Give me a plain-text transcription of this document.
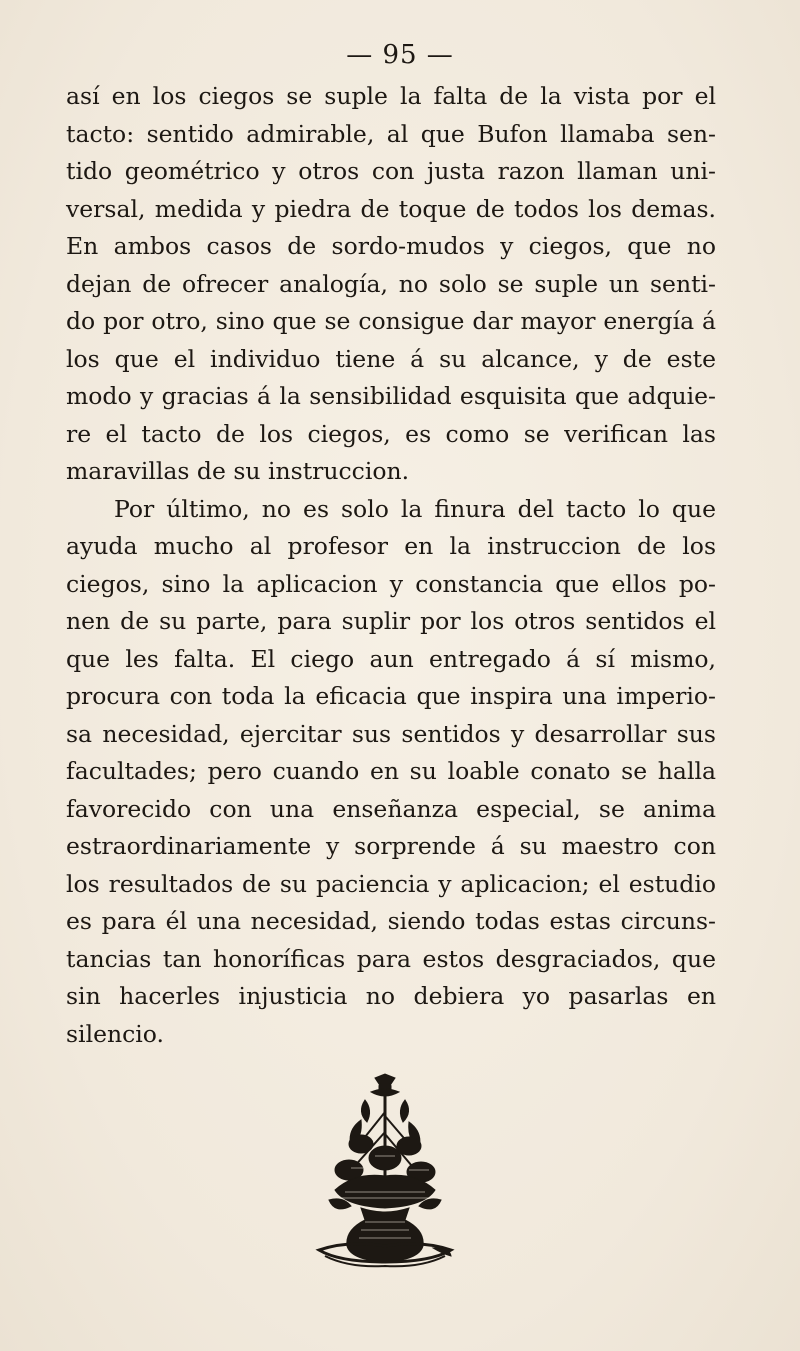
— 95 —
así en los ciegos se suple la falta de la vista por el
tacto: sentido admirable, al que Bufon llamaba sen-
tido geométrico y otros con justa razon llaman uni-
versal, medida y piedra de toque de todos los demas.
En ambos casos de sordo-mudos y ciegos, que no
dejan de ofrecer analogía, no solo se suple un senti-
do por otro, sino que se consigue dar mayor energía á
los que el individuo tiene á su alcance, y de este
modo y gracias á la sensibilidad esquisita que adquie-
re el tacto de los ciegos, es como se verifican las
maravillas de su instruccion.
Por último, no es solo la finura del tacto lo que
ayuda mucho al profesor en la instruccion de los
ciegos, sino la aplicacion y constancia que ellos po-
nen de su parte, para suplir por los otros sentidos el
que les falta. El ciego aun entregado á sí mismo,
procura con toda la eficacia que inspira una imperio-
sa necesidad, ejercitar sus sentidos y desarrollar sus
facultades; pero cuando en su loable conato se halla
favorecido con una enseñanza especial, se anima
estraordinariamente y sorprende á su maestro con
los resultados de su paciencia y aplicacion; el estudio
es para él una necesidad, siendo todas estas circuns-
tancias tan honoríficas para estos desgraciados, que
sin hacerles injusticia no debiera yo pasarlas en
silencio.
